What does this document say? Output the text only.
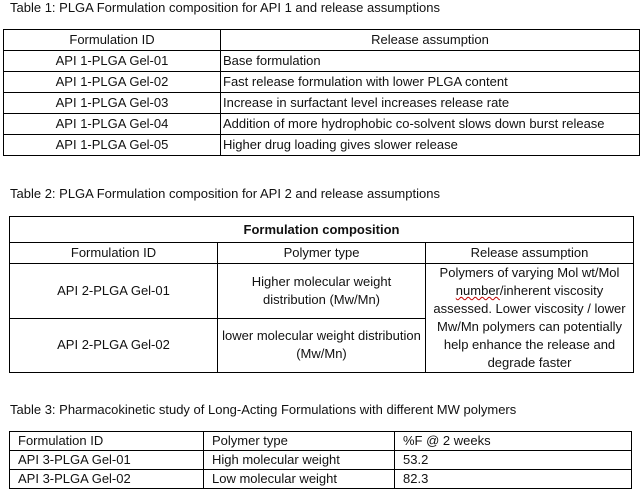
Table 1: PLGA Formulation composition for API 1 and release assumptions
Formulation ID	Release assumption
API 1-PLGA Gel-01	Base formulation
API 1-PLGA Gel-02	Fast release formulation with lower PLGA content
API 1-PLGA Gel-03	Increase in surfactant level increases release rate
API 1-PLGA Gel-04	Addition of more hydrophobic co-solvent slows down burst release
API 1-PLGA Gel-05	Higher drug loading gives slower release
Table 2: PLGA Formulation composition for API 2 and release assumptions
Formulation composition		
Formulation ID	Polymer type	Release assumption
API 2-PLGA Gel-01	Higher molecular weight distribution (Mw/Mn)	Polymers of varying Mol wt/Mol number/inherent viscosity assessed. Lower viscosity / lower Mw/Mn polymers can potentially help enhance the release and degrade faster
API 2-PLGA Gel-02	lower molecular weight distribution (Mw/Mn)	
Table 3: Pharmacokinetic study of Long-Acting Formulations with different MW polymers
Formulation ID	Polymer type	%F @ 2 weeks
API 3-PLGA Gel-01	High molecular weight	53.2
API 3-PLGA Gel-02	Low molecular weight	82.3
